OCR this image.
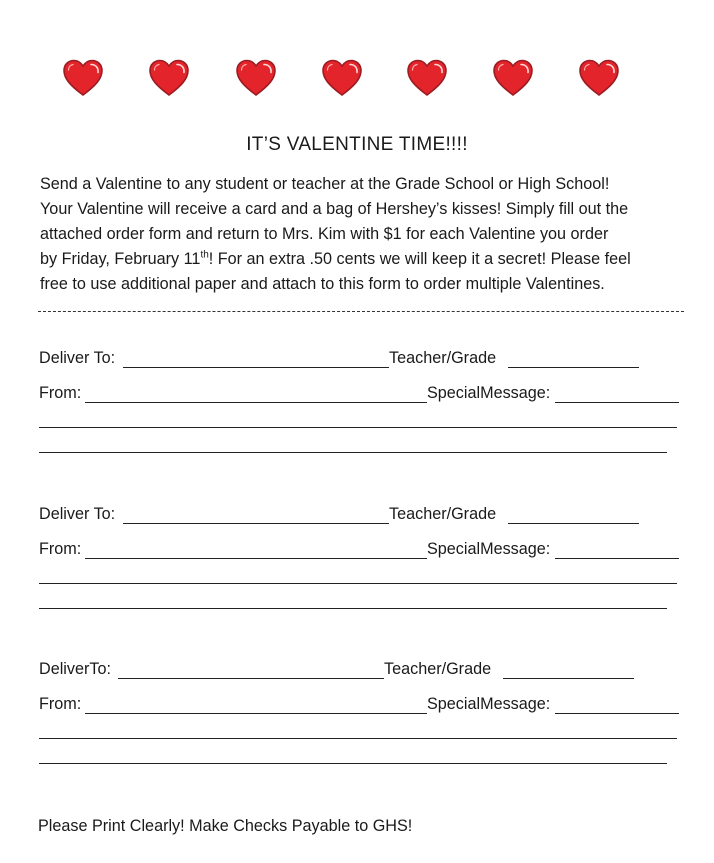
IT’S VALENTINE TIME!!!!
Send a Valentine to any student or teacher at the Grade School or High School!
Your Valentine will receive a card and a bag of Hershey’s kisses! Simply fill out the
attached order form and return to Mrs. Kim with $1 for each Valentine you order
by Friday, February 11th! For an extra .50 cents we will keep it a secret! Please feel
free to use additional paper and attach to this form to order multiple Valentines.
Deliver To:	Teacher/Grade
From:	SpecialMessage:
Deliver To:	Teacher/Grade
From:	SpecialMessage:
DeliverTo:	Teacher/Grade
From:	SpecialMessage:
Please Print Clearly! Make Checks Payable to GHS!
